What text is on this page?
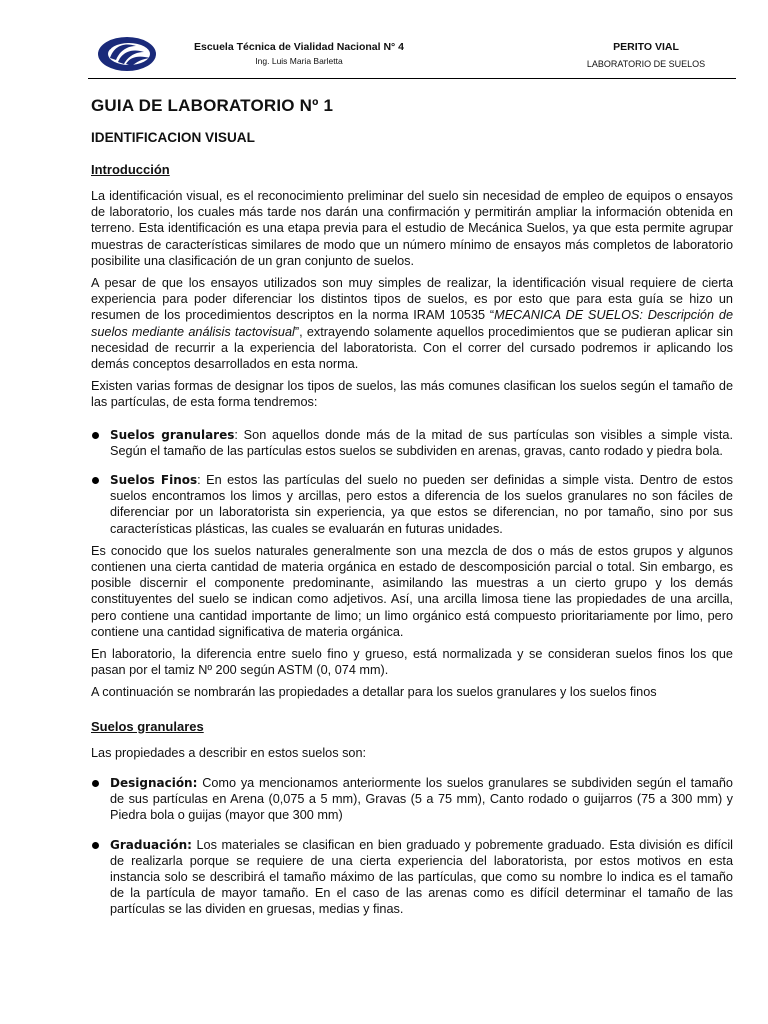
Escuela Técnica de Vialidad Nacional N° 4
Ing. Luis Maria Barletta
PERITO VIAL
LABORATORIO DE SUELOS
GUIA DE LABORATORIO Nº 1
IDENTIFICACION VISUAL
Introducción

La identificación visual, es el reconocimiento preliminar del suelo sin necesidad de empleo de equipos o ensayos de laboratorio, los cuales más tarde nos darán una confirmación y permitirán ampliar la información obtenida en terreno. Esta identificación es una etapa previa para el estudio de Mecánica Suelos, ya que esta permite agrupar muestras de características similares de modo que un número mínimo de ensayos más completos de laboratorio posibilite una clasificación de un gran conjunto de suelos.

A pesar de que los ensayos utilizados son muy simples de realizar, la identificación visual requiere de cierta experiencia para poder diferenciar los distintos tipos de suelos, es por esto que para esta guía se hizo un resumen de los procedimientos descriptos en la norma IRAM 10535 “MECANICA DE SUELOS: Descripción de suelos mediante análisis tactovisual”, extrayendo solamente aquellos procedimientos que se pudieran aplicar sin necesidad de recurrir a la experiencia del laboratorista. Con el correr del cursado podremos ir aplicando los demás conceptos desarrollados en esta norma.

Existen varias formas de designar los tipos de suelos, las más comunes clasifican los suelos según el tamaño de las partículas, de esta forma tendremos:

Suelos granulares: Son aquellos donde más de la mitad de sus partículas son visibles a simple vista. Según el tamaño de las partículas estos suelos se subdividen en arenas, gravas, canto rodado y piedra bola.
Suelos Finos: En estos las partículas del suelo no pueden ser definidas a simple vista. Dentro de estos suelos encontramos los limos y arcillas, pero estos a diferencia de los suelos granulares no son fáciles de diferenciar por un laboratorista sin experiencia, ya que estos se diferencian, no por tamaño, sino por sus características plásticas, las cuales se evaluarán en futuras unidades.

Es conocido que los suelos naturales generalmente son una mezcla de dos o más de estos grupos y algunos contienen una cierta cantidad de materia orgánica en estado de descomposición parcial o total. Sin embargo, es posible discernir el componente predominante, asimilando las muestras a un cierto grupo y los demás constituyentes del suelo se indican como adjetivos. Así, una arcilla limosa tiene las propiedades de una arcilla, pero contiene una cantidad importante de limo; un limo orgánico está compuesto prioritariamente por limo, pero contiene una cantidad significativa de materia orgánica.

En laboratorio, la diferencia entre suelo fino y grueso, está normalizada y se consideran suelos finos los que pasan por el tamiz Nº 200 según ASTM (0, 074 mm).

A continuación se nombrarán las propiedades a detallar para los suelos granulares y los suelos finos

Suelos granulares

Las propiedades a describir en estos suelos son:

Designación: Como ya mencionamos anteriormente los suelos granulares se subdividen según el tamaño de sus partículas en Arena (0,075 a 5 mm), Gravas (5 a 75 mm), Canto rodado o guijarros (75 a 300 mm) y Piedra bola o guijas (mayor que 300 mm)
Graduación: Los materiales se clasifican en bien graduado y pobremente graduado. Esta división es difícil de realizarla porque se requiere de una cierta experiencia del laboratorista, por estos motivos en esta instancia solo se describirá el tamaño máximo de las partículas, que como su nombre lo indica es el tamaño de la partícula de mayor tamaño. En el caso de las arenas como es difícil determinar el tamaño de las partículas se las dividen en gruesas, medias y finas.
